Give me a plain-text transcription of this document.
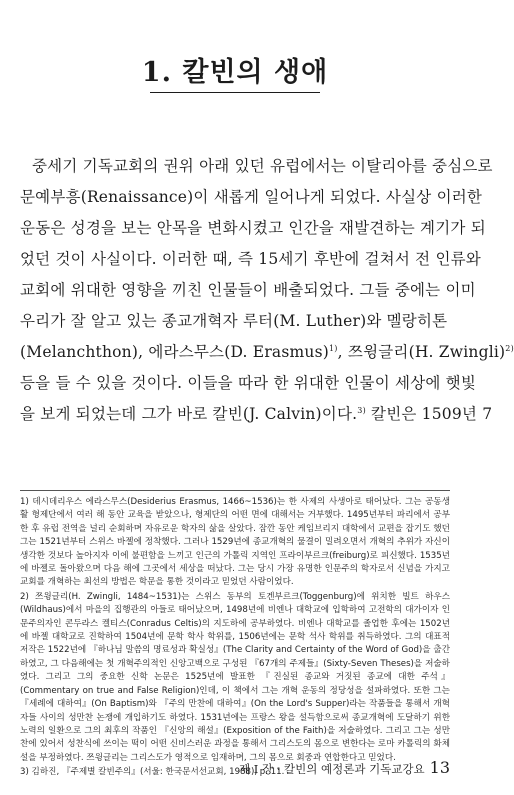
1. 칼빈의 생애

중세기 기독교회의 권위 아래 있던 유럽에서는 이탈리아를 중심으로

문예부흥(Renaissance)이 새롭게 일어나게 되었다. 사실상 이러한

운동은 성경을 보는 안목을 변화시켰고 인간을 재발견하는 계기가 되

었던 것이 사실이다. 이러한 때, 즉 15세기 후반에 걸쳐서 전 인류와

교회에 위대한 영향을 끼친 인물들이 배출되었다. 그들 중에는 이미

우리가 잘 알고 있는 종교개혁자 루터(M. Luther)와 멜랑히톤

(Melanchthon), 에라스무스(D. Erasmus)$^{1)}$, 쯔윙글리(H. Zwingli)$^{2)}$

등을 들 수 있을 것이다. 이들을 따라 한 위대한 인물이 세상에 햇빛

을 보게 되었는데 그가 바로 칼빈(J. Calvin)이다.$^{3)}$ 칼빈은 1509년 7

1) 데시데리우스 에라스무스(Desiderius Erasmus, 1466~1536)는 한 사제의 사생아로 태어났다. 그는 공동생활 형제단에서 여러 해 동안 교육을 받았으나, 형제단의 어떤 면에 대해서는 거부했다. 1495년부터 파리에서 공부한 후 유럽 전역을 널리 순회하며 자유로운 학자의 삶을 살았다. 잠깐 동안 케임브리지 대학에서 교편을 잡기도 했던 그는 1521년부터 스위스 바젤에 정착했다. 그러나 1529년에 종교개혁의 물결이 밀려오면서 개혁의 추위가 자신이 생각한 것보다 높아지자 이에 불편함을 느끼고 인근의 가톨릭 지역인 프라이부르크(freiburg)로 피신했다. 1535년에 바젤로 돌아왔으며 다음 해에 그곳에서 세상을 떠났다. 그는 당시 가장 유명한 인문주의 학자로서 신념을 가지고 교회를 개혁하는 최선의 방법은 학문을 통한 것이라고 믿었던 사람이었다.

2) 쯔윙글리(H. Zwingli, 1484~1531)는 스위스 동부의 토겐부르크(Toggenburg)에 위치한 빌트 하우스(Wildhaus)에서 마을의 집행관의 아들로 태어났으며, 1498년에 비엔나 대학교에 입학하여 고전학의 대가이자 인문주의자인 콘두라스 켈티스(Conradus Celtis)의 지도하에 공부하였다. 비엔나 대학교를 졸업한 후에는 1502년에 바젤 대학교로 진학하여 1504년에 문학 학사 학위를, 1506년에는 문학 석사 학위를 취득하였다. 그의 대표적 저작은 1522년에 『하나님 말씀의 명료성과 확실성』(The Clarity and Certainty of the Word of God)을 출간하였고, 그 다음해에는 첫 개혁주의적인 신앙고백으로 구성된 『67개의 주제들』(Sixty-Seven Theses)을 저술하였다. 그리고 그의 중요한 신학 논문은 1525년에 발표한 『진실된 종교와 거짓된 종교에 대한 주석』(Commentary on true and False Religion)인데, 이 책에서 그는 개혁 운동의 정당성을 설파하였다. 또한 그는 『세례에 대하여』(On Baptism)와 『주의 만찬에 대하여』(On the Lord's Supper)라는 작품들을 통해서 개혁자들 사이의 성만찬 논쟁에 개입하기도 하였다. 1531년에는 프랑스 왕을 설득함으로써 종교개혁에 도달하기 위한 노력의 일환으로 그의 최후의 작품인 『신앙의 해설』(Exposition of the Faith)을 저술하였다. 그리고 그는 성만찬에 있어서 성찬식에 쓰이는 떡이 어떤 신비스러운 과정을 통해서 그리스도의 몸으로 변한다는 로마 카톨릭의 화체설을 부정하였다. 쯔윙글리는 그리스도가 영적으로 임재하며, 그의 몸으로 회중과 연합한다고 믿었다.

3) 김하진, 『주제별 칼빈주의』(서울: 한국문서선교회, 1988), p. 11.

제 I 장 · 칼빈의 예정론과 기독교강요 13
